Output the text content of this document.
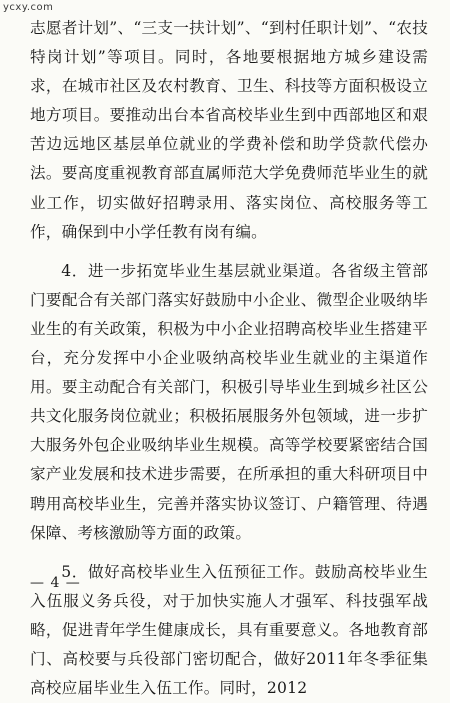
ycxy.com

志愿者计划”、“三支一扶计划”、“到村任职计划”、“农技特岗计划”等项目。同时，各地要根据地方城乡建设需求，在城市社区及农村教育、卫生、科技等方面积极设立地方项目。要推动出台本省高校毕业生到中西部地区和艰苦边远地区基层单位就业的学费补偿和助学贷款代偿办法。要高度重视教育部直属师范大学免费师范毕业生的就业工作，切实做好招聘录用、落实岗位、高校服务等工作，确保到中小学任教有岗有编。

4．进一步拓宽毕业生基层就业渠道。各省级主管部门要配合有关部门落实好鼓励中小企业、微型企业吸纳毕业生的有关政策，积极为中小企业招聘高校毕业生搭建平台，充分发挥中小企业吸纳高校毕业生就业的主渠道作用。要主动配合有关部门，积极引导毕业生到城乡社区公共文化服务岗位就业；积极拓展服务外包领域，进一步扩大服务外包企业吸纳毕业生规模。高等学校要紧密结合国家产业发展和技术进步需要，在所承担的重大科研项目中聘用高校毕业生，完善并落实协议签订、户籍管理、待遇保障、考核激励等方面的政策。

5．做好高校毕业生入伍预征工作。鼓励高校毕业生入伍服义务兵役，对于加快实施人才强军、科技强军战略，促进青年学生健康成长，具有重要意义。各地教育部门、高校要与兵役部门密切配合，做好2011年冬季征集高校应届毕业生入伍工作。同时，2012

— 4 —
